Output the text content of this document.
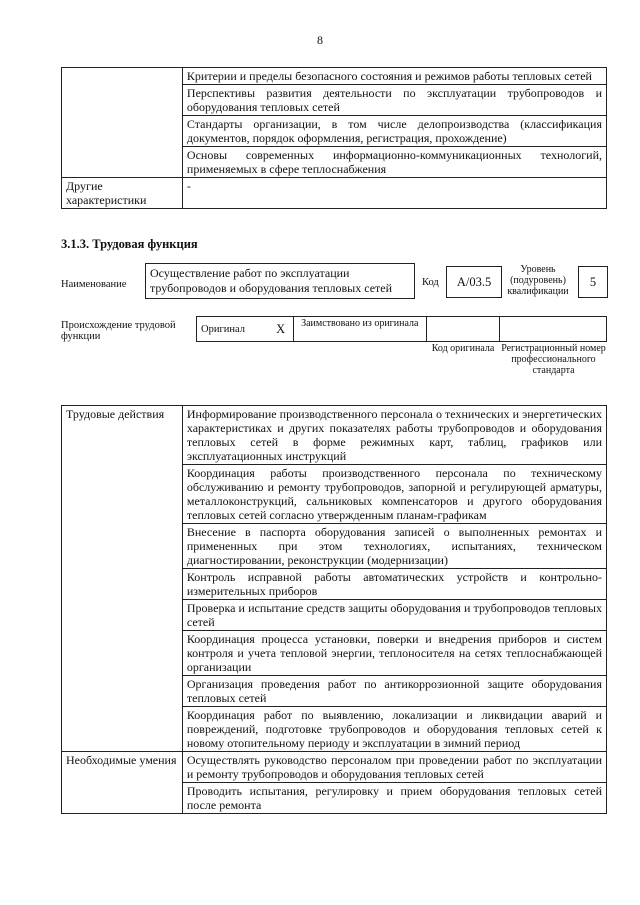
8
	Критерии и пределы безопасного состояния и режимов работы тепловых сетей
	Перспективы развития деятельности по эксплуатации трубопроводов и оборудования тепловых сетей
	Стандарты организации, в том числе делопроизводства (классификация документов, порядок оформления, регистрация, прохождение)
	Основы современных информационно-коммуникационных технологий, применяемых в сфере теплоснабжения
Другие характеристики	-
3.1.3. Трудовая функция
Наименование
Осуществление работ по эксплуатации трубопроводов и оборудования тепловых сетей	Код	А/03.5
Уровень (подуровень) квалификации
5
Происхождение трудовой функции
Оригинал	Х	Заимствовано из оригинала		
Код оригинала Регистрационный номер профессионального стандарта
Трудовые действия	Информирование производственного персонала о технических и энергетических характеристиках и других показателях работы трубопроводов и оборудования тепловых сетей в форме режимных карт, таблиц, графиков или эксплуатационных инструкций
	Координация работы производственного персонала по техническому обслуживанию и ремонту трубопроводов, запорной и регулирующей арматуры, металлоконструкций, сальниковых компенсаторов и другого оборудования тепловых сетей согласно утвержденным планам-графикам
	Внесение в паспорта оборудования записей о выполненных ремонтах и примененных при этом технологиях, испытаниях, техническом диагностировании, реконструкции (модернизации)
	Контроль исправной работы автоматических устройств и контрольно-измерительных приборов
	Проверка и испытание средств защиты оборудования и трубопроводов тепловых сетей
	Координация процесса установки, поверки и внедрения приборов и систем контроля и учета тепловой энергии, теплоносителя на сетях теплоснабжающей организации
	Организация проведения работ по антикоррозионной защите оборудования тепловых сетей
	Координация работ по выявлению, локализации и ликвидации аварий и повреждений, подготовке трубопроводов и оборудования тепловых сетей к новому отопительному периоду и эксплуатации в зимний период
Необходимые умения	Осуществлять руководство персоналом при проведении работ по эксплуатации и ремонту трубопроводов и оборудования тепловых сетей
	Проводить испытания, регулировку и прием оборудования тепловых сетей после ремонта
